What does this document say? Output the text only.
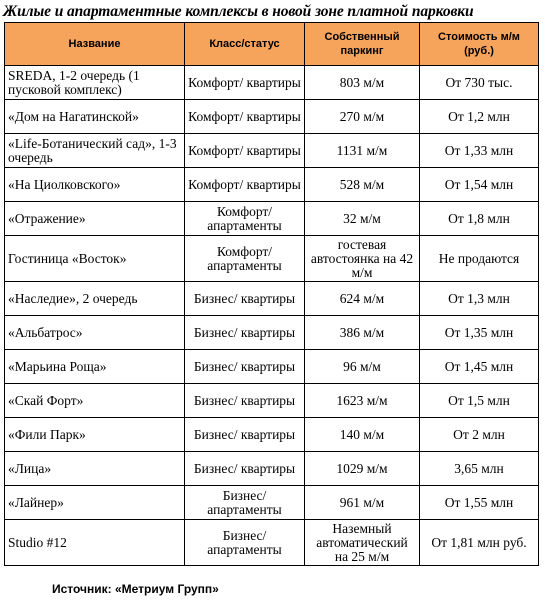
Жилые и апартаментные комплексы в новой зоне платной парковки
Название	Класс/статус	Собственный паркинг	Стоимость м/м (руб.)
SREDA, 1-2 очередь (1 пусковой комплекс)	Комфорт/ квартиры	803 м/м	От 730 тыс.
«Дом на Нагатинской»	Комфорт/ квартиры	270 м/м	От 1,2 млн
«Life-Ботанический сад», 1-3 очередь	Комфорт/ квартиры	1131 м/м	От 1,33 млн
«На Циолковского»	Комфорт/ квартиры	528 м/м	От 1,54 млн
«Отражение»	Комфорт/ апартаменты	32 м/м	От 1,8 млн
Гостиница «Восток»	Комфорт/ апартаменты	гостевая автостоянка на 42 м/м	Не продаются
«Наследие», 2 очередь	Бизнес/ квартиры	624 м/м	От 1,3 млн
«Альбатрос»	Бизнес/ квартиры	386 м/м	От 1,35 млн
«Марьина Роща»	Бизнес/ квартиры	96 м/м	От 1,45 млн
«Скай Форт»	Бизнес/ квартиры	1623 м/м	От 1,5 млн
«Фили Парк»	Бизнес/ квартиры	140 м/м	От 2 млн
«Лица»	Бизнес/ квартиры	1029 м/м	3,65 млн
«Лайнер»	Бизнес/ апартаменты	961 м/м	От 1,55 млн
Studio #12	Бизнес/ апартаменты	Наземный автоматический на 25 м/м	От 1,81 млн руб.
Источник: «Метриум Групп»
